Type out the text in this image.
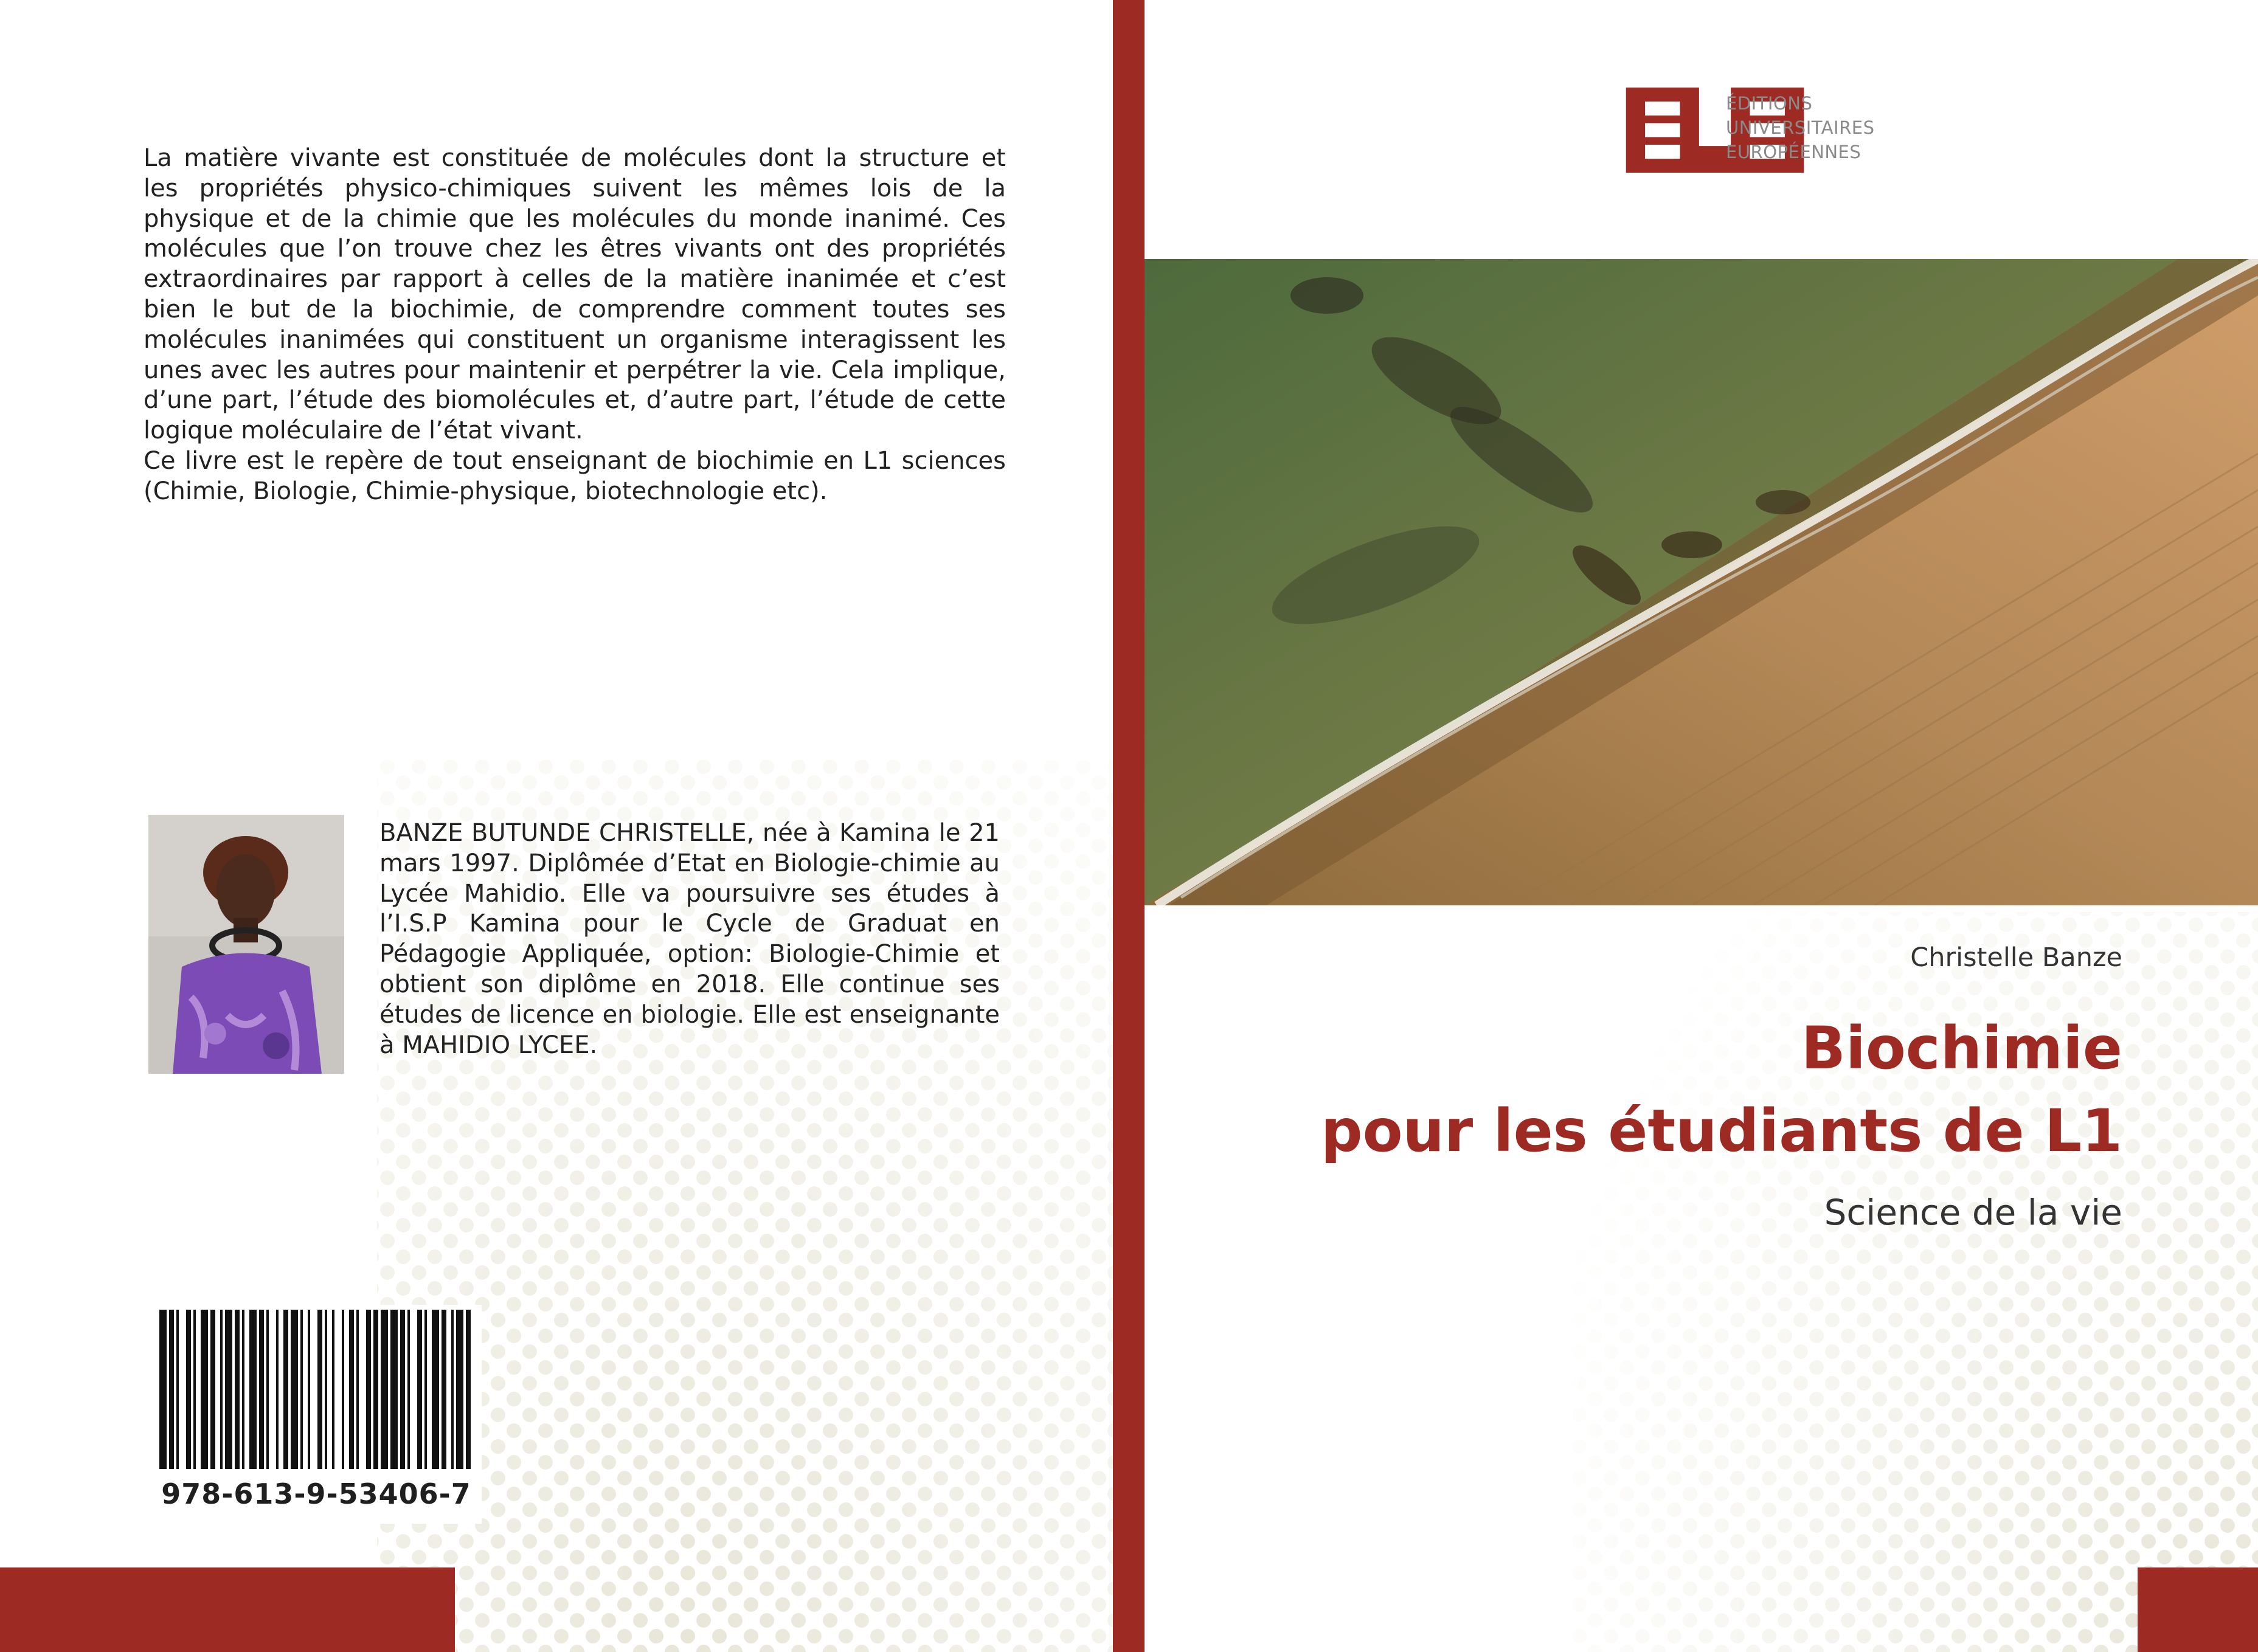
La matière vivante est constituée de molécules dont la structure et les propriétés physico-chimiques suivent les mêmes lois de la physique et de la chimie que les molécules du monde inanimé. Ces molécules que l’on trouve chez les êtres vivants ont des propriétés extraordinaires par rapport à celles de la matière inanimée et c’est bien le but de la biochimie, de comprendre comment toutes ses molécules inanimées qui constituent un organisme interagissent les unes avec les autres pour maintenir et perpétrer la vie. Cela implique, d’une part, l’étude des biomolécules et, d’autre part, l’étude de cette logique moléculaire de l’état vivant.

Ce livre est le repère de tout enseignant de biochimie en L1 sciences (Chimie, Biologie, Chimie-physique, biotechnologie etc).

BANZE BUTUNDE CHRISTELLE, née à Kamina le 21 mars 1997. Diplômée d’Etat en Biologie-chimie au Lycée Mahidio. Elle va poursuivre ses études à l’I.S.P Kamina pour le Cycle de Graduat en Pédagogie Appliquée, option: Biologie-Chimie et obtient son diplôme en 2018. Elle continue ses études de licence en biologie. Elle est enseignante à MAHIDIO LYCEE.
978-613-9-53406-7
ÉDITIONS
UNIVERSITAIRES
EUROPÉENNES
Christelle Banze
Biochimie
pour les étudiants de L1
Science de la vie
